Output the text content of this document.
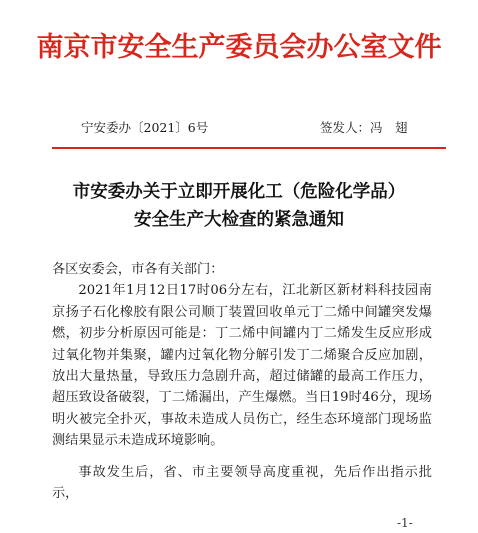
南京市安全生产委员会办公室文件
宁安委办〔2021〕6号	签发人：冯　翅
市安委办关于立即开展化工（危险化学品）
安全生产大检查的紧急通知

各区安委会，市各有关部门：

2021年1月12日17时06分左右，江北新区新材料科技园南京扬子石化橡胶有限公司顺丁装置回收单元丁二烯中间罐突发爆燃，初步分析原因可能是：丁二烯中间罐内丁二烯发生反应形成过氧化物并集聚，罐内过氧化物分解引发丁二烯聚合反应加剧，放出大量热量，导致压力急剧升高，超过储罐的最高工作压力，超压致设备破裂，丁二烯漏出，产生爆燃。当日19时46分，现场明火被完全扑灭，事故未造成人员伤亡，经生态环境部门现场监测结果显示未造成环境影响。

事故发生后，省、市主要领导高度重视，先后作出指示批示，

-1-
